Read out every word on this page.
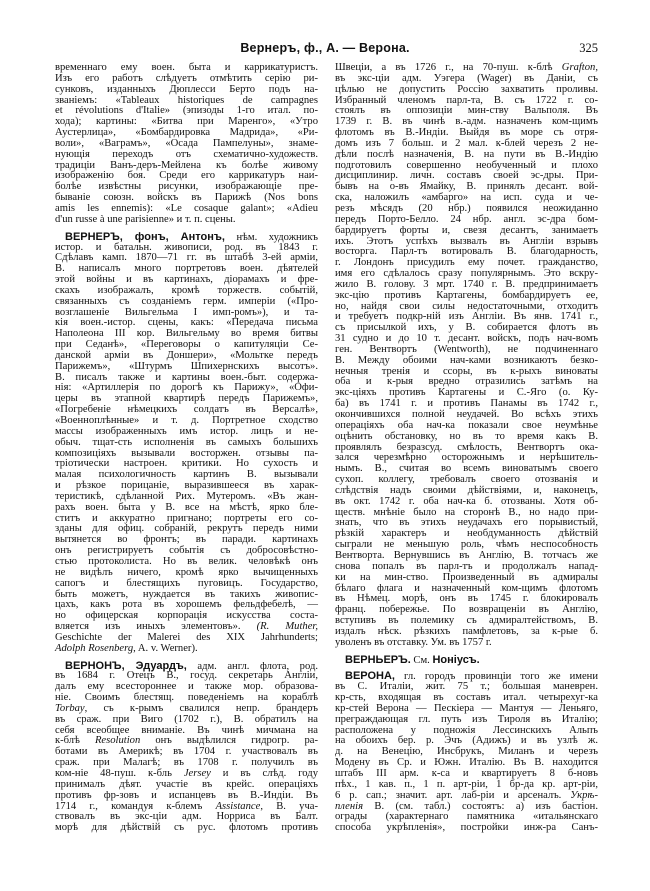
Вернеръ, ф., А. — Верона.	325
временнаго ему воен. быта и каррикатуристъ.
Изъ его работъ слѣдуетъ отмѣтить серію ри-
сунковъ, изданныхъ Дюплесси Берто подъ на-
званіемъ: «Tableaux historiques de campagnes
et révolutions d'Italie» (эпизоды 1-го итал. по-
хода); картины: «Битва при Маренго», «Утро
Аустерлица», «Бомбардировка Мадрида», «Ри-
воли», «Ваграмъ», «Осада Пампелуны», знаме-
нующія переходъ отъ схематично-художеств.
традиціи Ванъ-деръ-Мейлена къ болѣе живому
изображенію боя. Среди его каррикатуръ наи-
болѣе извѣстны рисунки, изображающіе пре-
бываніе союзн. войскъ въ Парижѣ (Nos bons
amis les ennemis): «Le cosaque galant»; «Adieu
d'un russe à une parisienne» и т. п. сцены.
ВЕРНЕРЪ, фонъ, Антонъ, нѣм. художникъ
истор. и батальн. живописи, род. въ 1843 г.
Сдѣлавъ камп. 1870—71 гг. въ штабѣ 3-ей арміи,
В. написалъ много портретовъ воен. дѣятелей
этой войны и въ картинахъ, діорамахъ и фре-
скахъ изображалъ, кромѣ торжеств. событій,
связанныхъ съ созданіемъ герм. имперіи («Про-
возглашеніе Вильгельма I имп-ромъ»), и та-
кія воен.-истор. сцены, какъ: «Передача письма
Наполеона III кор. Вильгельму во время битвы
при Седанѣ», «Переговоры о капитуляціи Се-
данской арміи въ Доншери», «Мольтке передъ
Парижемъ», «Штурмъ Шпихернскихъ высотъ».
В. писалъ также и картины воен.-быт. содержа-
нія: «Артиллерія по дорогѣ къ Парижу», «Офи-
церы въ этапной квартирѣ передъ Парижемъ»,
«Погребеніе нѣмецкихъ солдатъ въ Версалѣ»,
«Военноплѣнные» и т. д. Портретное сходство
массы изображенныхъ имъ истор. лицъ и не-
обыч. тщат-сть исполненія въ самыхъ большихъ
композиціяхъ вызывали восторжен. отзывы па-
тріотически настроен. критики. Но сухость и
малая психологичность картинъ В. вызывали
и рѣзкое порицаніе, выразившееся въ харак-
теристикѣ, сдѣланной Рих. Мутеромъ. «Въ жан-
рахъ воен. быта у В. все на мѣстѣ, ярко бле-
ститъ и аккуратно пригнано; портреты его со-
зданы для офиц. собраній, рекрутъ передъ ними
вытянется во фронтъ; въ паради. картинахъ
онъ регистрируетъ событія съ добросовѣстно-
стью протоколиста. Но въ велик. человѣкѣ онъ
не видѣлъ ничего, кромѣ ярко вычищенныхъ
сапогъ и блестящихъ пуговицъ. Государство,
быть можетъ, нуждается въ такихъ живопис-
цахъ, какъ рота въ хорошемъ фельдфебелѣ, —
но офицерская корпорація искусства соста-
вляется изъ иныхъ элементовъ». (R. Muther,
Geschichte der Malerei des XIX Jahrhunderts;
Adolph Rosenberg, A. v. Werner).
ВЕРНОНЪ, Эдуардъ, адм. англ. флота, род.
въ 1684 г. Отецъ В., госуд. секретарь Англіи,
далъ ему всестороннее и также мор. образова-
ніе. Своимъ блестящ. поведеніемъ на кораблѣ
Torbay, съ к-рымъ свалился непр. брандеръ
въ сраж. при Виго (1702 г.), В. обратилъ на
себя всеобщее вниманіе. Въ чинѣ мичмана на
к-блѣ Resolution онъ выдѣлился гидрогр. ра-
ботами въ Америкѣ; въ 1704 г. участвовалъ въ
сраж. при Малагѣ; въ 1708 г. получилъ въ
ком-ніе 48-пуш. к-бль Jersey и въ слѣд. году
принималъ дѣят. участіе въ крейс. операціяхъ
противъ фр-зовъ и испанцевъ въ В.-Индіи. Въ
1714 г., командуя к-блемъ Assistance, В. уча-
ствовалъ въ экс-ціи адм. Норриса въ Балт.
морѣ для дѣйствій съ рус. флотомъ противъ
Швеціи, а въ 1726 г., на 70-пуш. к-блѣ Grafton,
въ экс-ціи адм. Уэгера (Wager) въ Даніи, съ
цѣлью не допустить Россію захватить проливы.
Избранный членомъ парл-та, В. съ 1722 г. со-
стоялъ въ оппозиціи мин-ству Вальполя. Въ
1739 г. В. въ чинѣ в.-адм. назначенъ ком-щимъ
флотомъ въ В.-Индіи. Выйдя въ море съ отря-
домъ изъ 7 больш. и 2 мал. к-блей черезъ 2 не-
дѣли послѣ назначенія, В. на пути въ В.-Индію
подготовилъ совершенно необученный и плохо
дисциплинир. личн. составъ своей эс-дры. При-
бывъ на о-въ Ямайку, В. принялъ десант. вой-
ска, наложилъ «амбарго» на исп. суда и че-
резъ мѣсядъ (20 нбр.) появился неожиданно
передъ Порто-Белло. 24 нбр. англ. эс-дра бом-
бардируетъ форты и, свезя десантъ, занимаетъ
ихъ. Этотъ успѣхъ вызвалъ въ Англіи взрывъ
восторга. Парл-тъ вотировалъ В. благодарность,
г. Лондонъ присудилъ ему почет. гражданство,
имя его сдѣлалось сразу популярнымъ. Это вскру-
жило В. голову. 3 мрт. 1740 г. В. предпринимаетъ
экс-цію противъ Картагены, бомбардируетъ ее,
но, найдя свои силы недостаточными, отходитъ
и требуетъ подкр-ній изъ Англіи. Въ янв. 1741 г.,
съ присылкой ихъ, у В. собирается флотъ въ
31 судно и до 10 т. десант. войскъ, подъ нач-вомъ
ген. Вентвортъ (Wentworth), не подчиненнаго
В. Между обоими нач-ками возникаютъ безко-
нечныя тренія и ссоры, въ к-рыхъ виноваты
оба и к-рыя вредно отразились затѣмъ на
экс-ціяхъ противъ Картагены и С.-Яго (о. Ку-
ба) въ 1741 г. и противъ Панамы въ 1742 г.,
окончившихся полной неудачей. Во всѣхъ этихъ
операціяхъ оба нач-ка показали свое неумѣнье
оцѣнить обстановку, но въ то время какъ В.
проявлялъ безразсуд. смѣлость, Вентвортъ ока-
зался черезмѣрно осторожнымъ и нерѣшитель-
нымъ. В., считая во всемъ виноватымъ своего
сухоп. коллегу, требовалъ своего отозванія и
слѣдствія надъ своими дѣйствіями, и, наконецъ,
въ окт. 1742 г. оба нач-ка б. отозваны. Хотя об-
ществ. мнѣніе было на сторонѣ В., но надо при-
знать, что въ этихъ неудачахъ его порывистый,
рѣзкій характеръ и необдуманность дѣйствій
сыграли не меньшую роль, чѣмъ неспособность
Вентворта. Вернувшись въ Англію, В. тотчасъ же
снова попалъ въ парл-тъ и продолжалъ напад-
ки на мин-ство. Произведенный въ адмиралы
бѣлаго флага и назначенный ком-щимъ флотомъ
въ Нѣмец. морѣ, онъ въ 1745 г. блокировалъ
франц. побережье. По возвращеніи въ Англію,
вступивъ въ полемику съ адмиралтействомъ, В.
издалъ нѣск. рѣзкихъ памфлетовъ, за к-рые б.
уволенъ въ отставку. Ум. въ 1757 г.
ВЕРНЬЕРЪ. См. Ноніусъ.
ВЕРОНА, гл. городъ провинціи того же имени
въ С. Италіи, жит. 75 т.; большая маневрен.
кр-сть, входящая въ составъ итал. четырехуг-ка
кр-стей Верона — Пескіера — Мантуя — Леньяго,
преграждающая гл. путь изъ Тироля въ Италію;
расположена у подножія Лессинскихъ Альпъ
на обоихъ бер. р. Эчъ (Адижъ) и въ узлѣ ж.
д. на Венецію, Инсбрукъ, Миланъ и черезъ
Модену въ Ср. и Южн. Италію. Въ В. находится
штабъ III арм. к-са и квартируетъ 8 б-новъ
пѣх., 1 кав. п., 1 п. арт-ріи, 1 бр-да кр. арт-ріи,
6 р. сап.; значит. арт. лаб-ріи и арсеналъ. Укрѣ-
пленія В. (см. табл.) состоятъ: а) изъ бастіон.
ограды (характернаго памятника «итальянскаго
способа укрѣпленія», постройки инж-ра Санъ-
